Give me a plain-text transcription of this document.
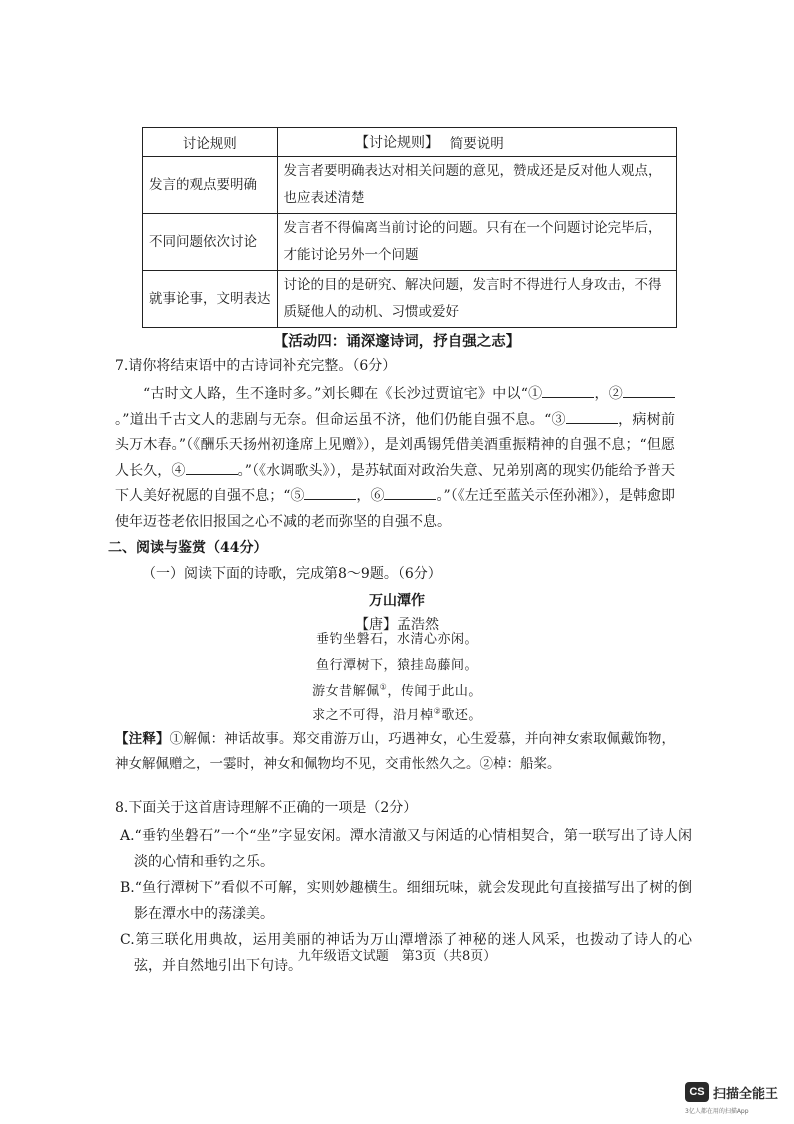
【讨论规则】
讨论规则	简要说明
发言的观点要明确	发言者要明确表达对相关问题的意见，赞成还是反对他人观点，也应表述清楚
不同问题依次讨论	发言者不得偏离当前讨论的问题。只有在一个问题讨论完毕后，才能讨论另外一个问题
就事论事，文明表达	讨论的目的是研究、解决问题，发言时不得进行人身攻击，不得质疑他人的动机、习惯或爱好
【活动四：诵深邃诗词，抒自强之志】
7.请你将结束语中的古诗词补充完整。（6分）

“古时文人路，生不逢时多。”刘长卿在《长沙过贾谊宅》中以“①	，②。”道出千古文人的悲剧与无奈。但命运虽不济，他们仍能自强不息。“③	，病树前头万木春。”（《酬乐天扬州初逢席上见赠》），是刘禹锡凭借美酒重振精神的自强不息；“但愿人长久，④	。”（《水调歌头》），是苏轼面对政治失意、兄弟别离的现实仍能给予普天下人美好祝愿的自强不息；“⑤	，⑥	。”（《左迁至蓝关示侄孙湘》），是韩愈即使年迈苍老依旧报国之心不减的老而弥坚的自强不息。

二、阅读与鉴赏（44分）
（一）阅读下面的诗歌，完成第8～9题。（6分）
万山潭作
【唐】孟浩然
垂钓坐磐石，水清心亦闲。
鱼行潭树下，猿挂岛藤间。
游女昔解佩①，传闻于此山。
求之不可得，沿月棹②歌还。
【注释】①解佩：神话故事。郑交甫游万山，巧遇神女，心生爱慕，并向神女索取佩戴饰物，神女解佩赠之，一霎时，神女和佩物均不见，交甫怅然久之。②棹：船桨。
8.下面关于这首唐诗理解不正确的一项是（2分）
A.“垂钓坐磐石”一个“坐”字显安闲。潭水清澈又与闲适的心情相契合，第一联写出了诗人闲淡的心情和垂钓之乐。
B.“鱼行潭树下”看似不可解，实则妙趣横生。细细玩味，就会发现此句直接描写出了树的倒影在潭水中的荡漾美。
C.第三联化用典故，运用美丽的神话为万山潭增添了神秘的迷人风采，也拨动了诗人的心弦，并自然地引出下句诗。
九年级语文试题　第3页（共8页）
CS 扫描全能王
3亿人都在用的扫描App
